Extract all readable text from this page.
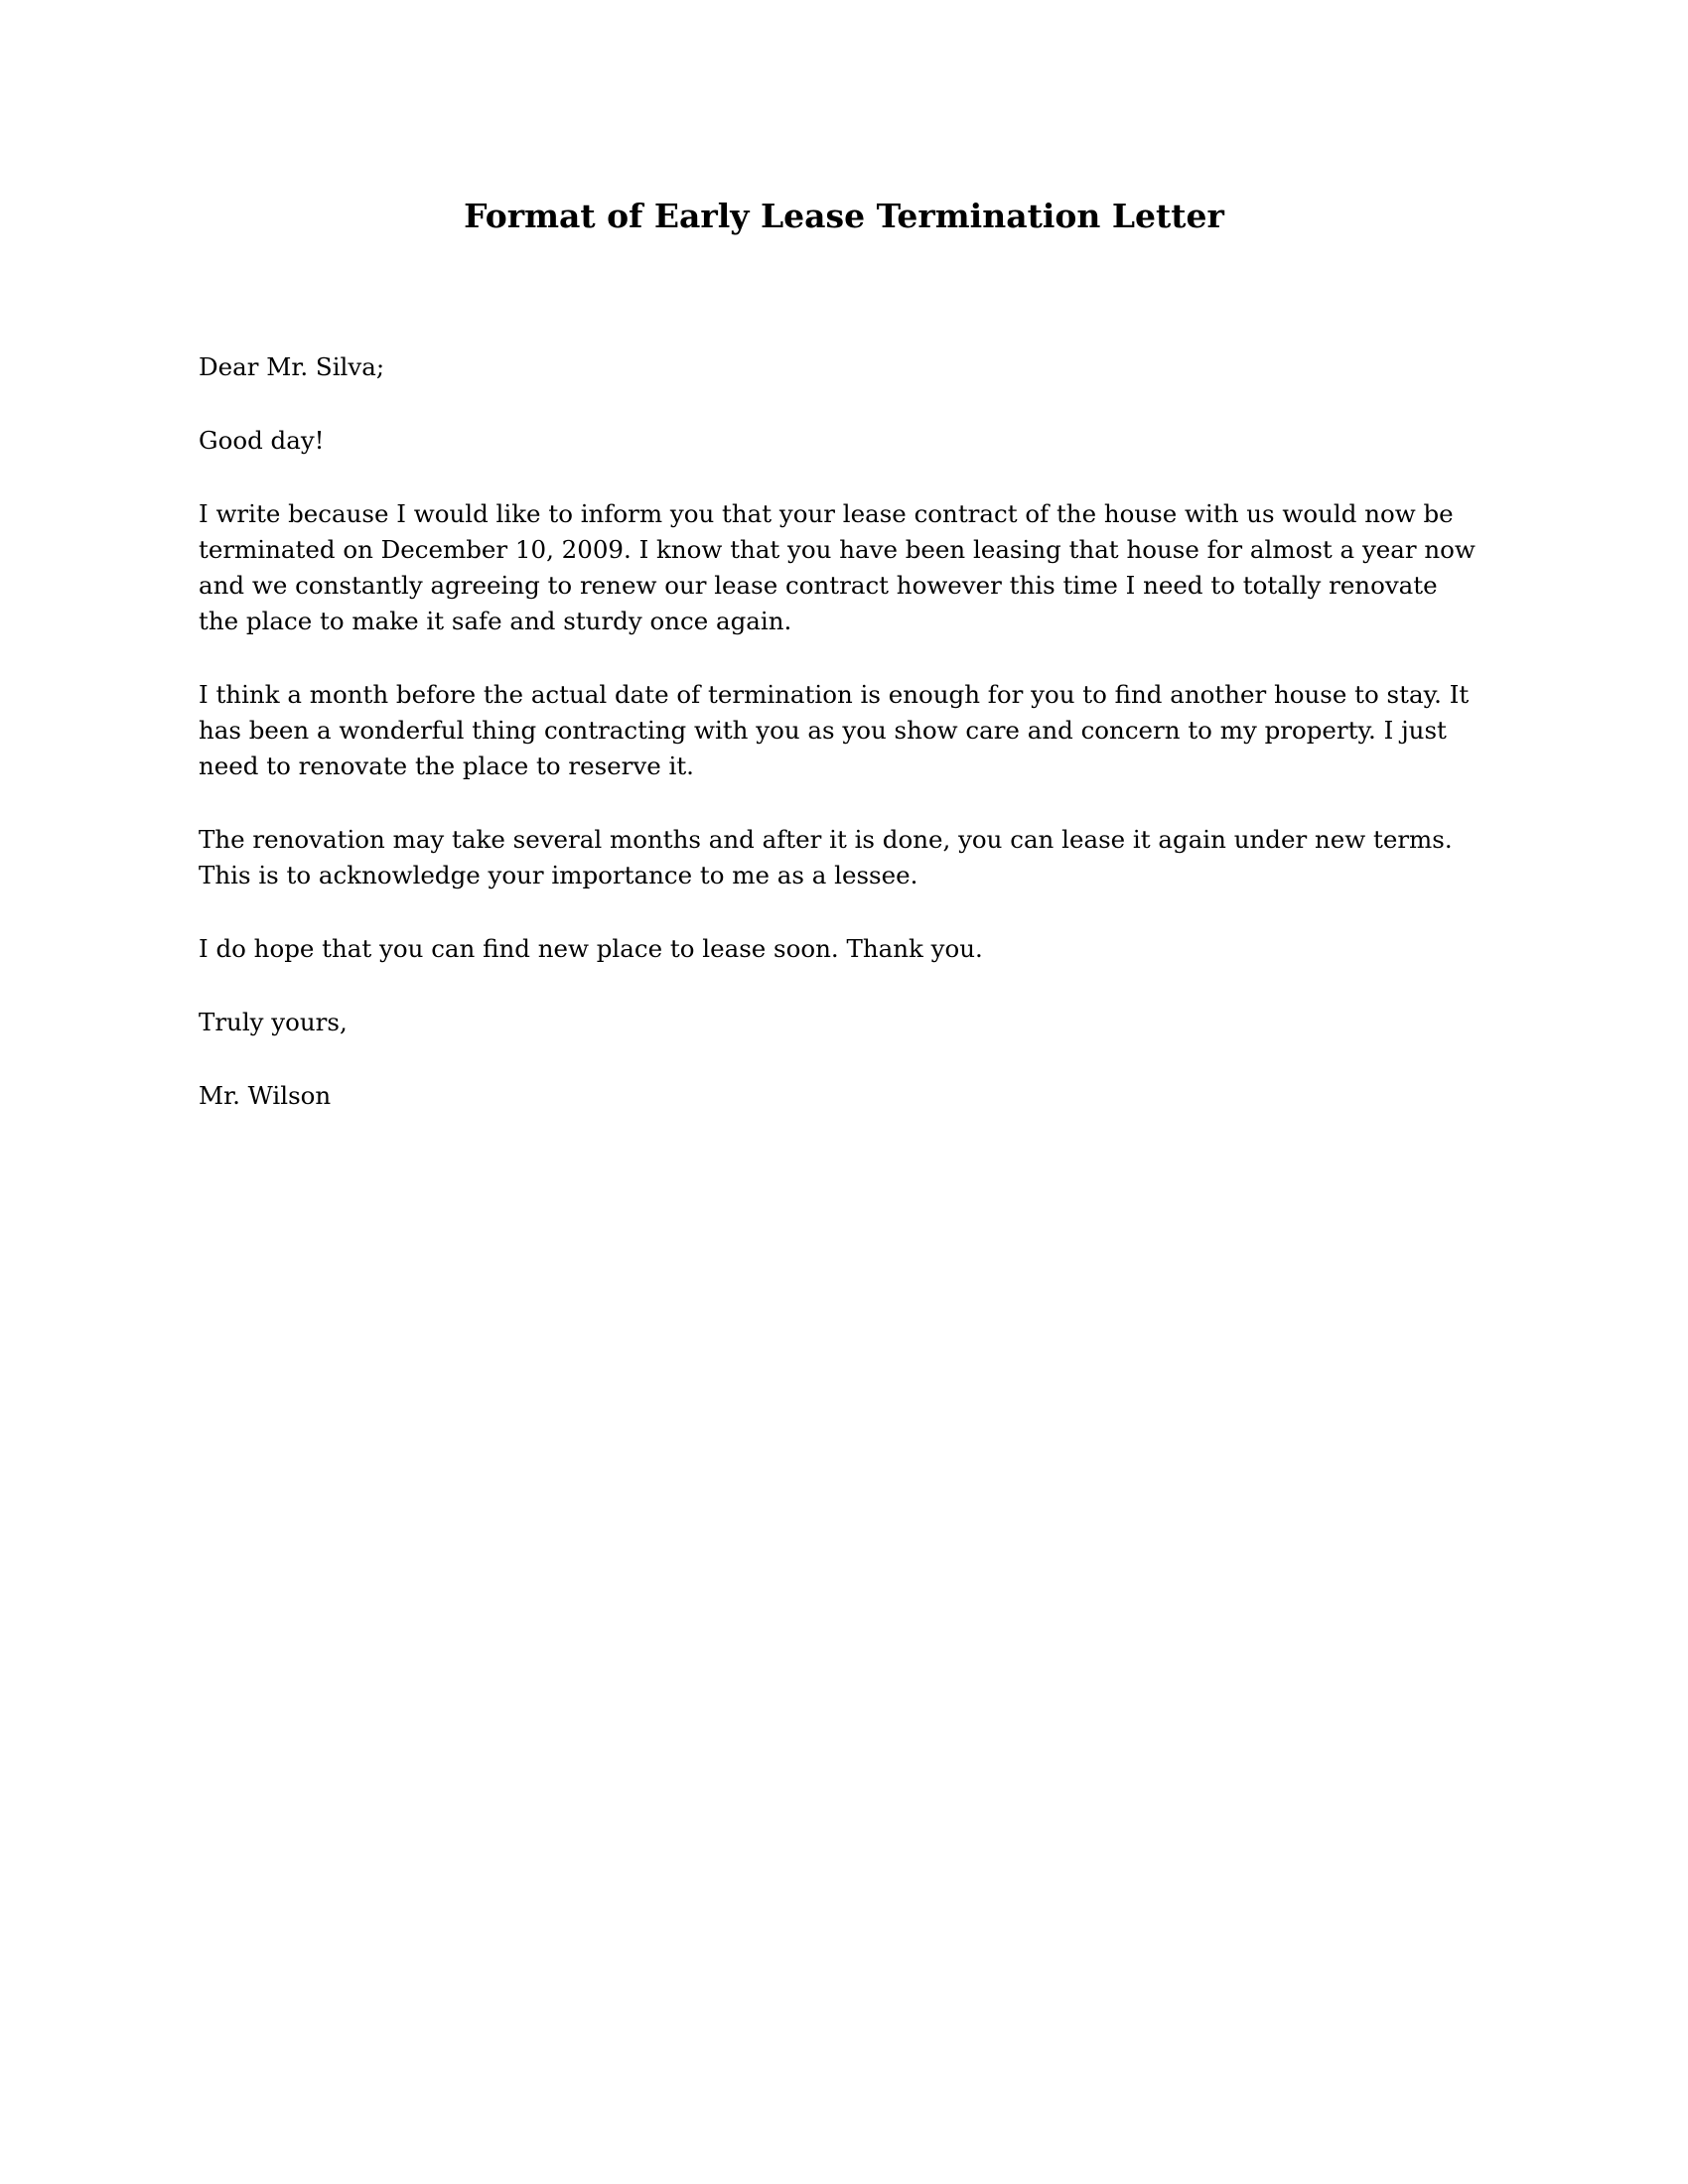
Format of Early Lease Termination Letter

Dear Mr. Silva;

Good day!

I write because I would like to inform you that your lease contract of the house with us would now be terminated on December 10, 2009. I know that you have been leasing that house for almost a year now and we constantly agreeing to renew our lease contract however this time I need to totally renovate the place to make it safe and sturdy once again.

I think a month before the actual date of termination is enough for you to find another house to stay. It has been a wonderful thing contracting with you as you show care and concern to my property. I just need to renovate the place to reserve it.

The renovation may take several months and after it is done, you can lease it again under new terms. This is to acknowledge your importance to me as a lessee.

I do hope that you can find new place to lease soon. Thank you.

Truly yours,

Mr. Wilson
